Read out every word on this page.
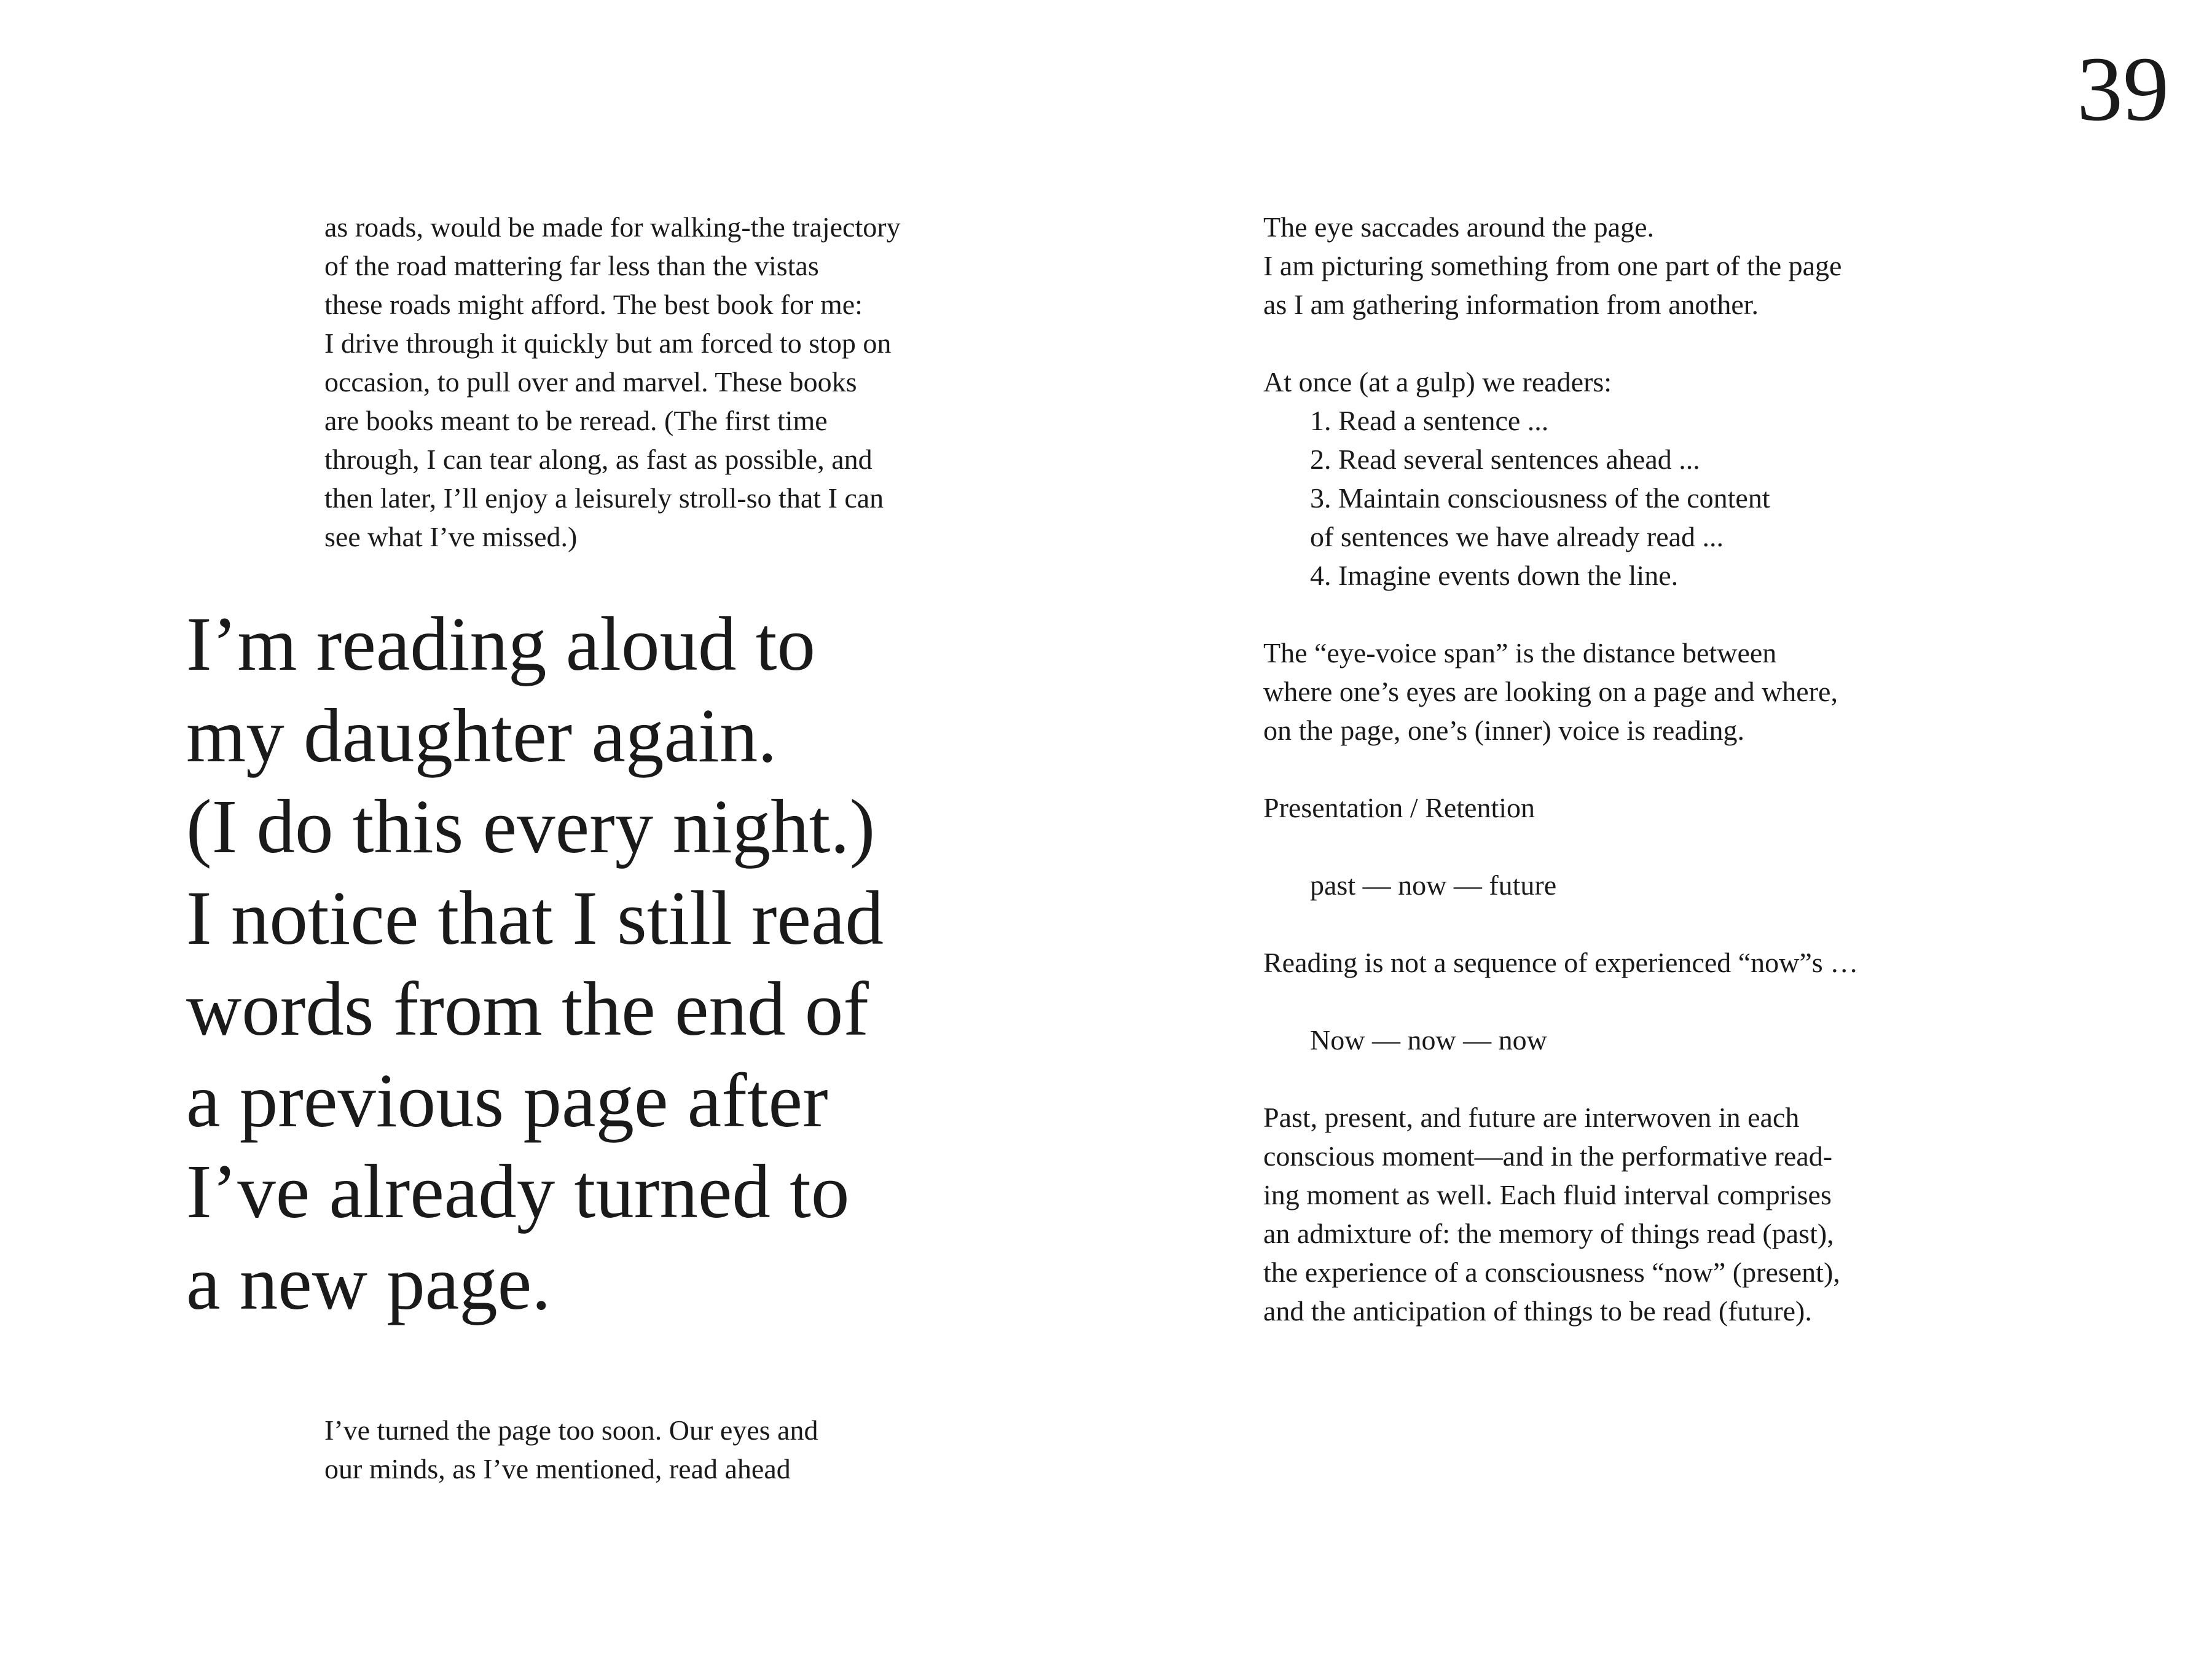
39
as roads, would be made for walking-the trajectory
of the road mattering far less than the vistas
these roads might afford. The best book for me:
I drive through it quickly but am forced to stop on
occasion, to pull over and marvel. These books
are books meant to be reread. (The first time
through, I can tear along, as fast as possible, and
then later, I’ll enjoy a leisurely stroll-so that I can
see what I’ve missed.)
I’m reading aloud to
my daughter again.
(I do this every night.)
I notice that I still read
words from the end of
a previous page after
I’ve already turned to
a new page.
I’ve turned the page too soon. Our eyes and
our minds, as I’ve mentioned, read ahead
The eye saccades around the page.
I am picturing something from one part of the page
as I am gathering information from another.
At once (at a gulp) we readers:
1. Read a sentence ...
2. Read several sentences ahead ...
3. Maintain consciousness of the content
of sentences we have already read ...
4. Imagine events down the line.
The “eye-voice span” is the distance between
where one’s eyes are looking on a page and where,
on the page, one’s (inner) voice is reading.
Presentation / Retention
past — now — future
Reading is not a sequence of experienced “now”s …
Now — now — now
Past, present, and future are interwoven in each
conscious moment—and in the performative read-
ing moment as well. Each fluid interval comprises
an admixture of: the memory of things read (past),
the experience of a consciousness “now” (present),
and the anticipation of things to be read (future).
